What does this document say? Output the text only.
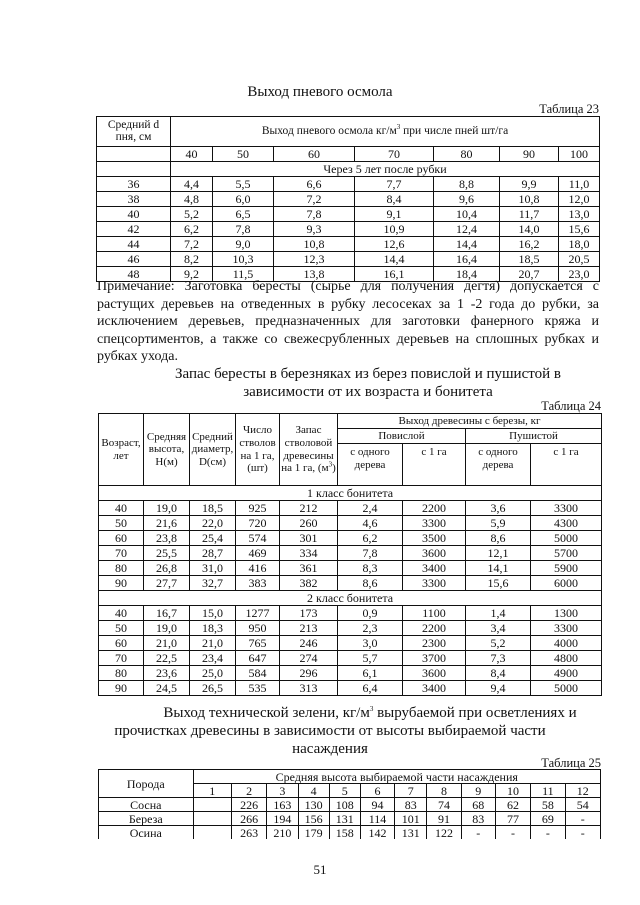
Выход пневого осмола
Таблица 23
Средний d пня, см	Выход пневого осмола $кг/м^3$ при числе пней шт/га						
	40	50	60	70	80	90	100
	Через 5 лет после рубки						
36	4,4	5,5	6,6	7,7	8,8	9,9	11,0
38	4,8	6,0	7,2	8,4	9,6	10,8	12,0
40	5,2	6,5	7,8	9,1	10,4	11,7	13,0
42	6,2	7,8	9,3	10,9	12,4	14,0	15,6
44	7,2	9,0	10,8	12,6	14,4	16,2	18,0
46	8,2	10,3	12,3	14,4	16,4	18,5	20,5
48	9,2	11,5	13,8	16,1	18,4	20,7	23,0
Примечание: Заготовка бересты (сырье для получения дегтя) допускается с
растущих деревьев на отведенных в рубку лесосеках за 1 -2 года до рубки, за
исключением деревьев, предназначенных для заготовки фанерного кряжа и
спецсортиментов, а также со свежесрубленных деревьев на сплошных рубках и
рубках ухода.
Запас бересты в березняках из берез повислой и пушистой в
зависимости от их возраста и бонитета
Таблица 24
Возраст, лет	Средняя высота, Н(м)	Средний диаметр, D(см)	Число стволов на 1 га, (шт)	Запас стволовой древесины на 1 га, $(м^3)$	Выход древесины с березы, кг			
					Повислой		Пушистой	
					с одного дерева	с 1 га	с одного дерева	с 1 га
1 класс бонитета								
40	19,0	18,5	925	212	2,4	2200	3,6	3300
50	21,6	22,0	720	260	4,6	3300	5,9	4300
60	23,8	25,4	574	301	6,2	3500	8,6	5000
70	25,5	28,7	469	334	7,8	3600	12,1	5700
80	26,8	31,0	416	361	8,3	3400	14,1	5900
90	27,7	32,7	383	382	8,6	3300	15,6	6000
2 класс бонитета								
40	16,7	15,0	1277	173	0,9	1100	1,4	1300
50	19,0	18,3	950	213	2,3	2200	3,4	3300
60	21,0	21,0	765	246	3,0	2300	5,2	4000
70	22,5	23,4	647	274	5,7	3700	7,3	4800
80	23,6	25,0	584	296	6,1	3600	8,4	4900
90	24,5	26,5	535	313	6,4	3400	9,4	5000
Выход технической зелени, $кг/м^3$ вырубаемой при осветлениях и
прочистках древесины в зависимости от высоты выбираемой части
насаждения
Таблица 25
Порода	Средняя высота выбираемой части насаждения											
	1	2	3	4	5	6	7	8	9	10	11	12
Сосна		226	163	130	108	94	83	74	68	62	58	54
Береза		266	194	156	131	114	101	91	83	77	69	-
Осина		263	210	179	158	142	131	122	-	-	-	-
51
